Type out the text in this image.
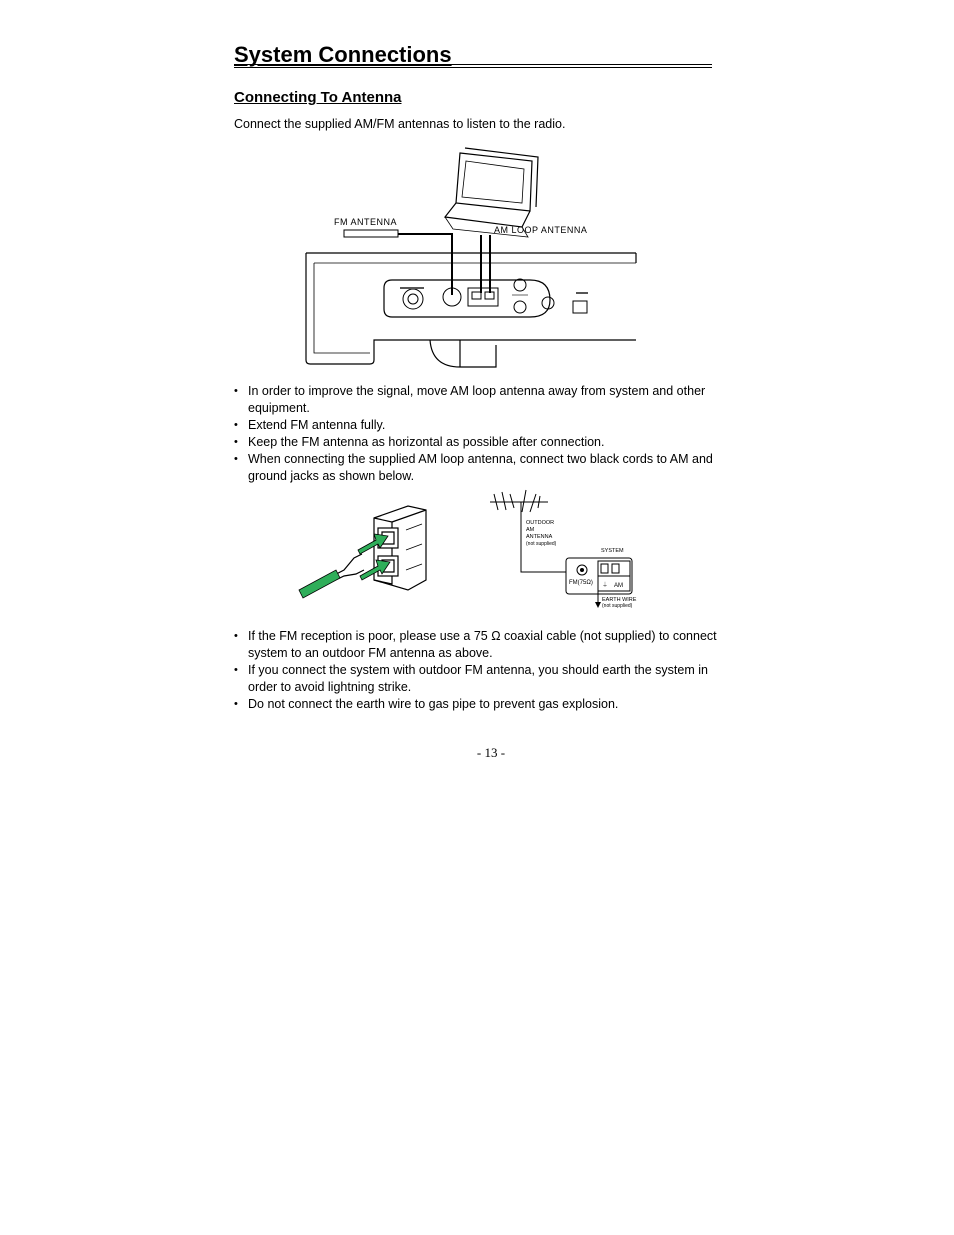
System Connections
Connecting To Antenna

Connect the supplied AM/FM antennas to listen to the radio.

FM ANTENNA
AM LOOP ANTENNA
• In order to improve the signal, move AM loop antenna away from system and other equipment.
• Extend FM antenna fully.
• Keep the FM antenna as horizontal as possible after connection.
• When connecting the supplied AM loop antenna, connect two black cords to AM and ground jacks as shown below.
OUTDOOR
AM
ANTENNA
(not supplied)
SYSTEM
FM(75Ω)	AM
⏚
EARTH WIRE
(not supplied)
• If the FM reception is poor, please use a 75 Ω coaxial cable (not supplied) to connect system to an outdoor FM antenna as above.
• If you connect the system with outdoor FM antenna, you should earth the system in order to avoid lightning strike.
• Do not connect the earth wire to gas pipe to prevent gas explosion.
- 13 -
